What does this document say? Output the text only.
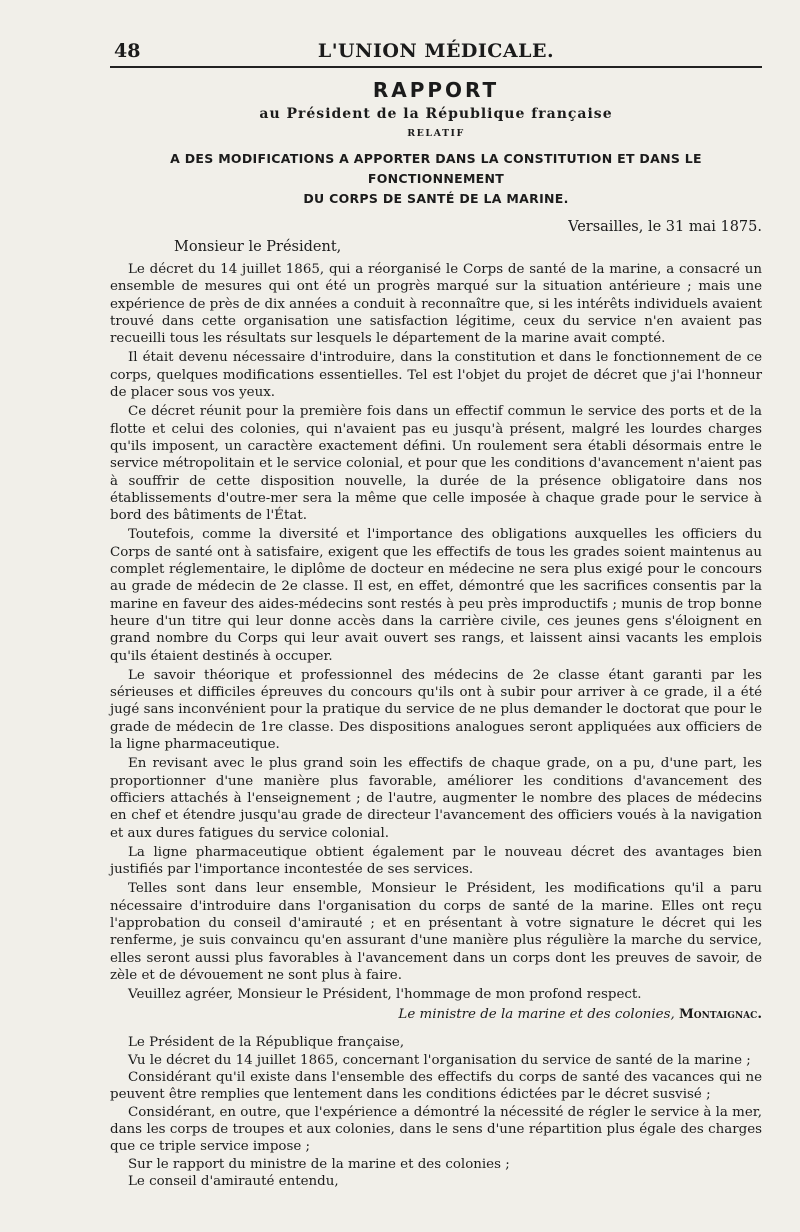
48	L'UNION MÉDICALE.
RAPPORT
au Président de la République française
RELATIF
A DES MODIFICATIONS A APPORTER DANS LA CONSTITUTION ET DANS LE FONCTIONNEMENT
DU CORPS DE SANTÉ DE LA MARINE.
Versailles, le 31 mai 1875.
Monsieur le Président,

Le décret du 14 juillet 1865, qui a réorganisé le Corps de santé de la marine, a consacré un ensemble de mesures qui ont été un progrès marqué sur la situation antérieure ; mais une expérience de près de dix années a conduit à reconnaître que, si les intérêts individuels avaient trouvé dans cette organisation une satisfaction légitime, ceux du service n'en avaient pas recueilli tous les résultats sur lesquels le département de la marine avait compté.

Il était devenu nécessaire d'introduire, dans la constitution et dans le fonctionnement de ce corps, quelques modifications essentielles. Tel est l'objet du projet de décret que j'ai l'honneur de placer sous vos yeux.

Ce décret réunit pour la première fois dans un effectif commun le service des ports et de la flotte et celui des colonies, qui n'avaient pas eu jusqu'à présent, malgré les lourdes charges qu'ils imposent, un caractère exactement défini. Un roulement sera établi désormais entre le service métropolitain et le service colonial, et pour que les conditions d'avancement n'aient pas à souffrir de cette disposition nouvelle, la durée de la présence obligatoire dans nos établissements d'outre-mer sera la même que celle imposée à chaque grade pour le service à bord des bâtiments de l'État.

Toutefois, comme la diversité et l'importance des obligations auxquelles les officiers du Corps de santé ont à satisfaire, exigent que les effectifs de tous les grades soient maintenus au complet réglementaire, le diplôme de docteur en médecine ne sera plus exigé pour le concours au grade de médecin de 2e classe. Il est, en effet, démontré que les sacrifices consentis par la marine en faveur des aides-médecins sont restés à peu près improductifs ; munis de trop bonne heure d'un titre qui leur donne accès dans la carrière civile, ces jeunes gens s'éloignent en grand nombre du Corps qui leur avait ouvert ses rangs, et laissent ainsi vacants les emplois qu'ils étaient destinés à occuper.

Le savoir théorique et professionnel des médecins de 2e classe étant garanti par les sérieuses et difficiles épreuves du concours qu'ils ont à subir pour arriver à ce grade, il a été jugé sans inconvénient pour la pratique du service de ne plus demander le doctorat que pour le grade de médecin de 1re classe. Des dispositions analogues seront appliquées aux officiers de la ligne pharmaceutique.

En revisant avec le plus grand soin les effectifs de chaque grade, on a pu, d'une part, les proportionner d'une manière plus favorable, améliorer les conditions d'avancement des officiers attachés à l'enseignement ; de l'autre, augmenter le nombre des places de médecins en chef et étendre jusqu'au grade de directeur l'avancement des officiers voués à la navigation et aux dures fatigues du service colonial.

La ligne pharmaceutique obtient également par le nouveau décret des avantages bien justifiés par l'importance incontestée de ses services.

Telles sont dans leur ensemble, Monsieur le Président, les modifications qu'il a paru nécessaire d'introduire dans l'organisation du corps de santé de la marine. Elles ont reçu l'approbation du conseil d'amirauté ; et en présentant à votre signature le décret qui les renferme, je suis convaincu qu'en assurant d'une manière plus régulière la marche du service, elles seront aussi plus favorables à l'avancement dans un corps dont les preuves de savoir, de zèle et de dévouement ne sont plus à faire.

Veuillez agréer, Monsieur le Président, l'hommage de mon profond respect.

Le ministre de la marine et des colonies, Montaignac.

Le Président de la République française,

Vu le décret du 14 juillet 1865, concernant l'organisation du service de santé de la marine ;

Considérant qu'il existe dans l'ensemble des effectifs du corps de santé des vacances qui ne peuvent être remplies que lentement dans les conditions édictées par le décret susvisé ;

Considérant, en outre, que l'expérience a démontré la nécessité de régler le service à la mer, dans les corps de troupes et aux colonies, dans le sens d'une répartition plus égale des charges que ce triple service impose ;

Sur le rapport du ministre de la marine et des colonies ;

Le conseil d'amirauté entendu,
